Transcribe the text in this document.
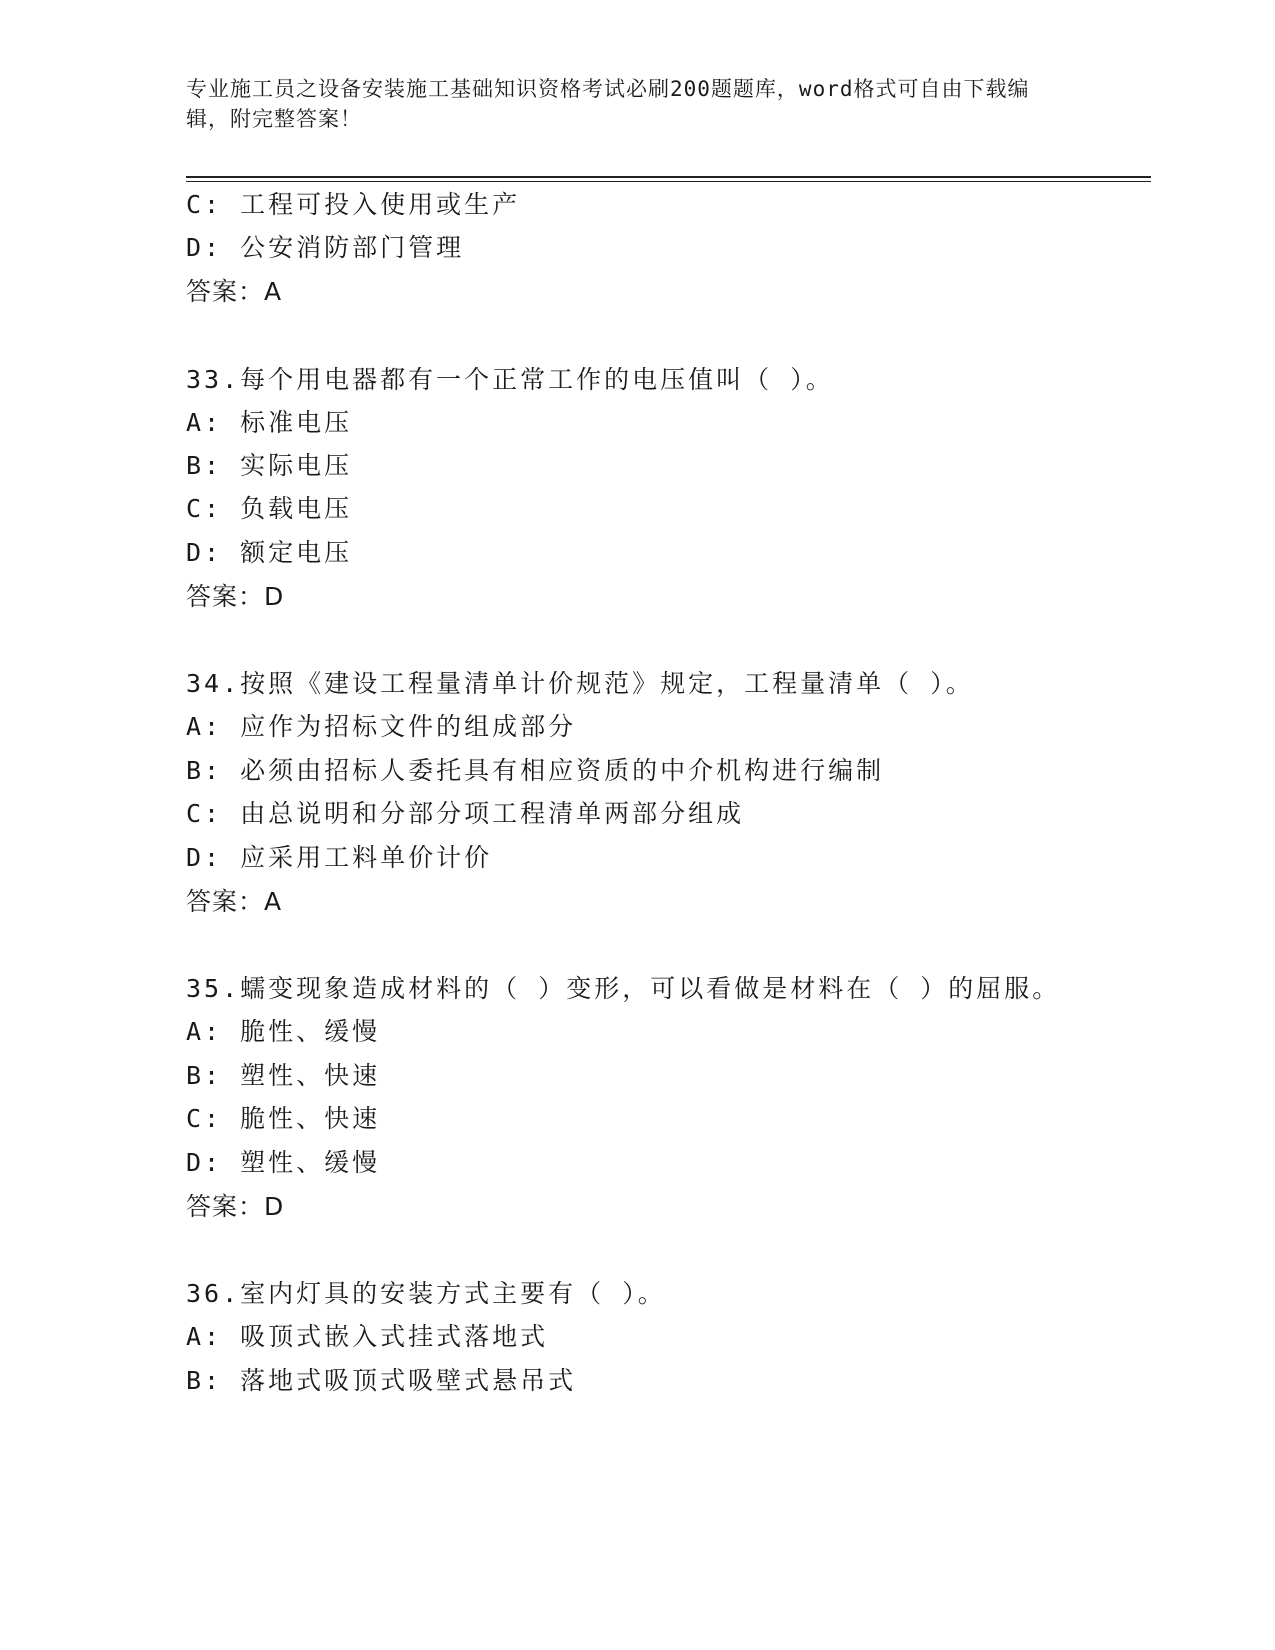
专业施工员之设备安装施工基础知识资格考试必刷200题题库，word格式可自由下载编辑，附完整答案！
C: 工程可投入使用或生产
D: 公安消防部门管理
答案：A
33.每个用电器都有一个正常工作的电压值叫（ ）。
A: 标准电压
B: 实际电压
C: 负载电压
D: 额定电压
答案：D
34.按照《建设工程量清单计价规范》规定，工程量清单（ ）。
A: 应作为招标文件的组成部分
B: 必须由招标人委托具有相应资质的中介机构进行编制
C: 由总说明和分部分项工程清单两部分组成
D: 应采用工料单价计价
答案：A
35.蠕变现象造成材料的（ ）变形，可以看做是材料在（ ）的屈服。
A: 脆性、缓慢
B: 塑性、快速
C: 脆性、快速
D: 塑性、缓慢
答案：D
36.室内灯具的安装方式主要有（ ）。
A: 吸顶式嵌入式挂式落地式
B: 落地式吸顶式吸壁式悬吊式
